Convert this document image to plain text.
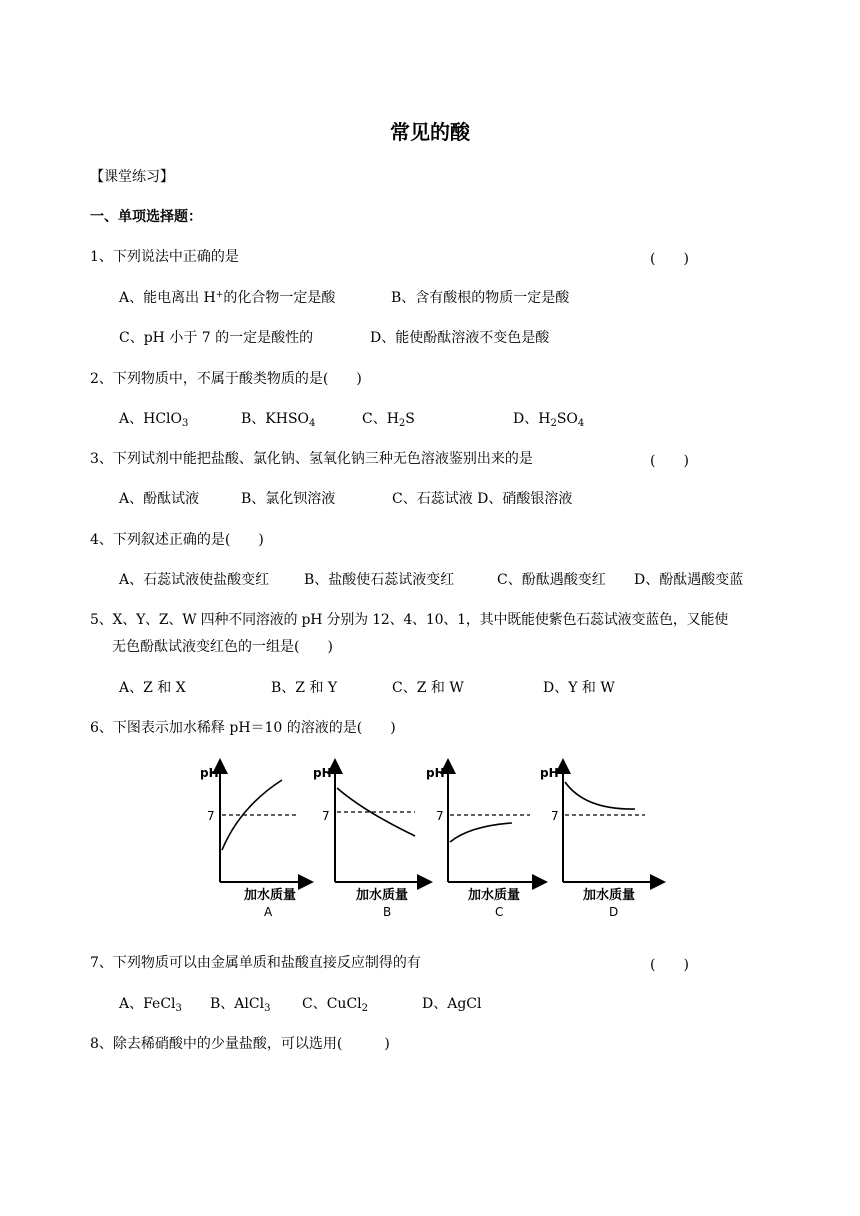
常见的酸
【课堂练习】
一、单项选择题：
1、下列说法中正确的是	(　　)
A、能电离出 H+的化合物一定是酸	B、含有酸根的物质一定是酸
C、pH 小于 7 的一定是酸性的	D、能使酚酞溶液不变色是酸
2、下列物质中，不属于酸类物质的是(　　)
A、HClO$_3$	B、$KHSO_4$	C、$H_2S$	D、$H_2SO_4$
3、下列试剂中能把盐酸、氯化钠、氢氧化钠三种无色溶液鉴别出来的是	(　　)
A、酚酞试液	B、氯化钡溶液	C、石蕊试液 D、硝酸银溶液
4、下列叙述正确的是(　　)
A、石蕊试液使盐酸变红 B、盐酸使石蕊试液变红	C、酚酞遇酸变红 D、酚酞遇酸变蓝
5、X、Y、Z、W 四种不同溶液的 pH 分别为 12、4、10、1，其中既能使紫色石蕊试液变蓝色，又能使
无色酚酞试液变红色的一组是(　　)
A、Z 和 X	B、Z 和 Y	C、Z 和 W	D、Y 和 W
6、下图表示加水稀释 pH＝10 的溶液的是(　　)
pH
7
加水质量
A
pH
7
加水质量
B
pH
7
加水质量
C
pH
7
加水质量
D
7、下列物质可以由金属单质和盐酸直接反应制得的有	(　　)
A、FeCl$_3$ B、AlCl$_3$ C、CuCl$_2$	D、AgCl
8、除去稀硝酸中的少量盐酸，可以选用(　　　)
